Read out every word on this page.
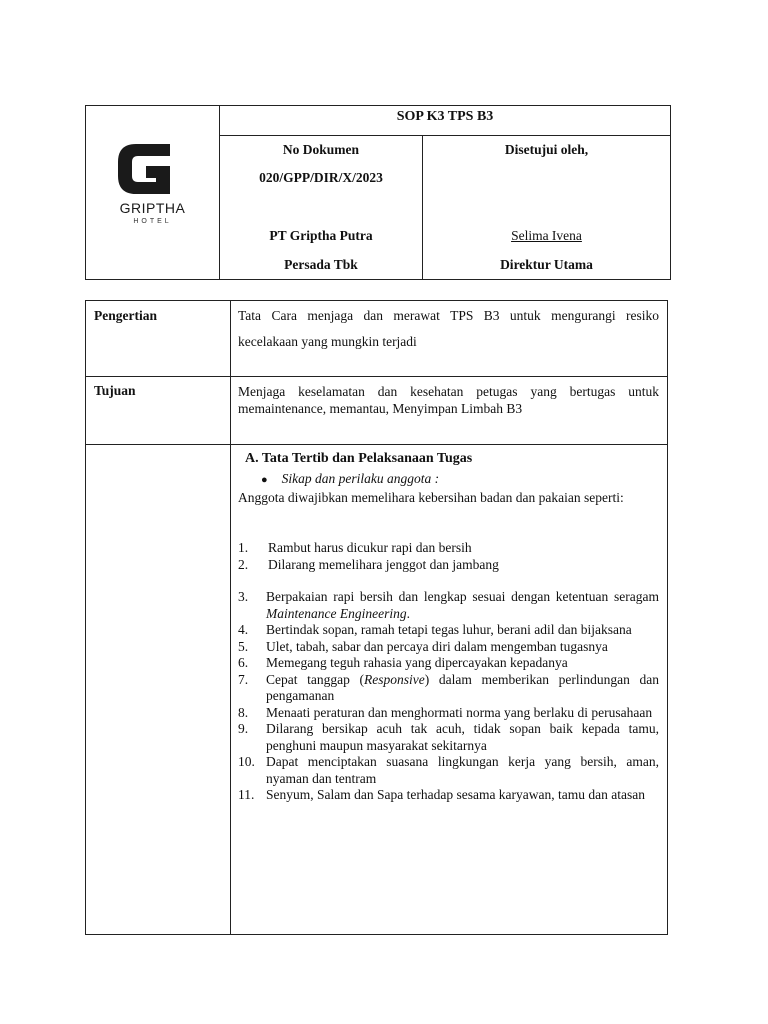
GRIPTHA
HOTEL
SOP K3 TPS B3
No Dokumen
020/GPP/DIR/X/2023
PT Griptha Putra
Persada Tbk
Disetujui oleh,
Selima Ivena
Direktur Utama
Pengertian	Tata Cara menjaga dan merawat TPS B3 untuk mengurangi resiko
kecelakaan yang mungkin terjadi
Tujuan	Menjaga keselamatan dan kesehatan petugas yang bertugas untuk memaintenance, memantau, Menyimpan Limbah B3
A. Tata Tertib dan Pelaksanaan Tugas
● Sikap dan perilaku anggota :
Anggota diwajibkan memelihara kebersihan badan dan pakaian seperti:
1. Rambut harus dicukur rapi dan bersih
2. Dilarang memelihara jenggot dan jambang
3. Berpakaian rapi bersih dan lengkap sesuai dengan ketentuan seragam Maintenance Engineering.
4. Bertindak sopan, ramah tetapi tegas luhur, berani adil dan bijaksana
5. Ulet, tabah, sabar dan percaya diri dalam mengemban tugasnya
6. Memegang teguh rahasia yang dipercayakan kepadanya
7. Cepat tanggap (Responsive) dalam memberikan perlindungan dan pengamanan
8. Menaati peraturan dan menghormati norma yang berlaku di perusahaan
9. Dilarang bersikap acuh tak acuh, tidak sopan baik kepada tamu, penghuni maupun masyarakat sekitarnya
10. Dapat menciptakan suasana lingkungan kerja yang bersih, aman, nyaman dan tentram
11. Senyum, Salam dan Sapa terhadap sesama karyawan, tamu dan atasan
